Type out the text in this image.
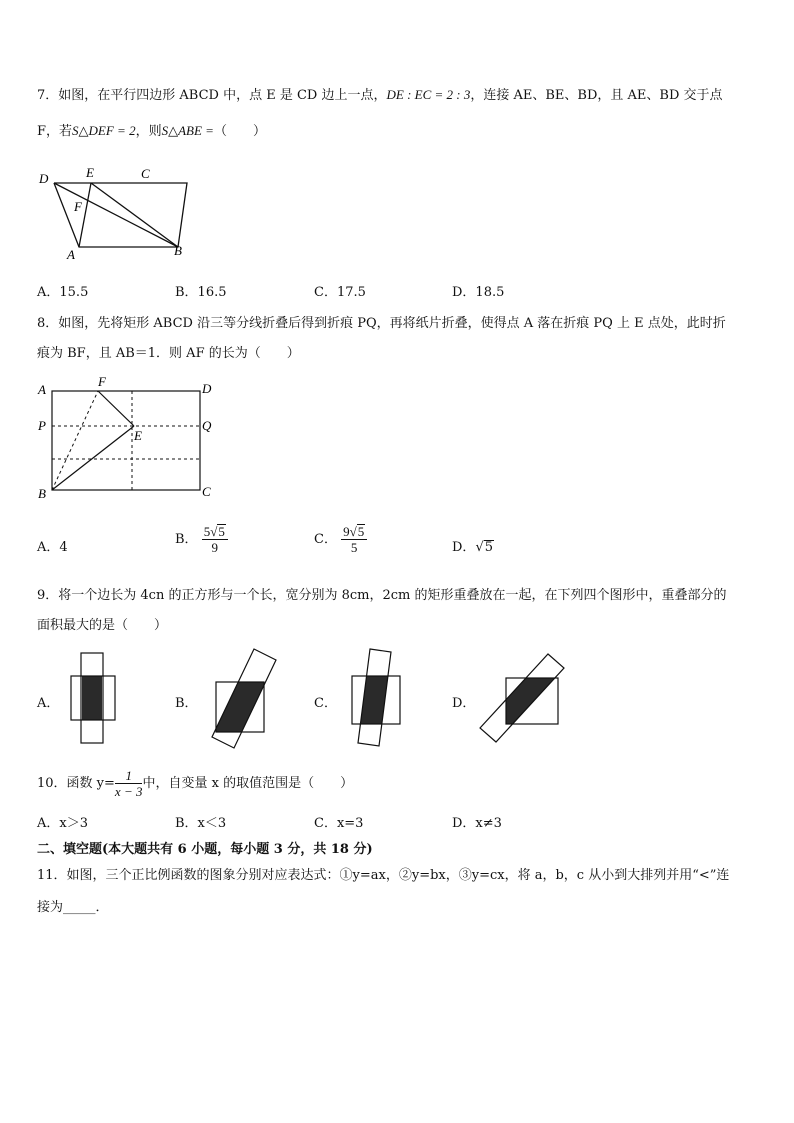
7．如图，在平行四边形 ABCD 中，点 E 是 CD 边上一点，DE : EC = 2 : 3，连接 AE、BE、BD，且 AE、BD 交于点
F，若S△DEF = 2，则S△ABE =（　　）
D	E	C
F
A	B
A．15.5	B．16.5	C．17.5	D．18.5
8．如图，先将矩形 ABCD 沿三等分线折叠后得到折痕 PQ，再将纸片折叠，使得点 A 落在折痕 PQ 上 E 点处，此时折
痕为 BF，且 AB＝1．则 AF 的长为（　　）
A
F	D
P	Q
E
B	C
A．4
B． $\frac{5√5}{9}$	C． $\frac{9√5}{5}$	D．√5
9．将一个边长为 4cn 的正方形与一个长，宽分别为 8cm，2cm 的矩形重叠放在一起，在下列四个图形中，重叠部分的
面积最大的是（　　）
A．	B．	C．	D．
10．函数 $y= \frac{1}{x - 3}$ 中，自变量 x 的取值范围是（　　）
A．x＞3	B．x＜3	C．x=3	D．x≠3
二、填空题(本大题共有 6 小题，每小题 3 分，共 18 分)
11．如图，三个正比例函数的图象分别对应表达式：①y=ax，②y=bx，③y=cx，将 a，b，c 从小到大排列并用“<”连
接为_____．
